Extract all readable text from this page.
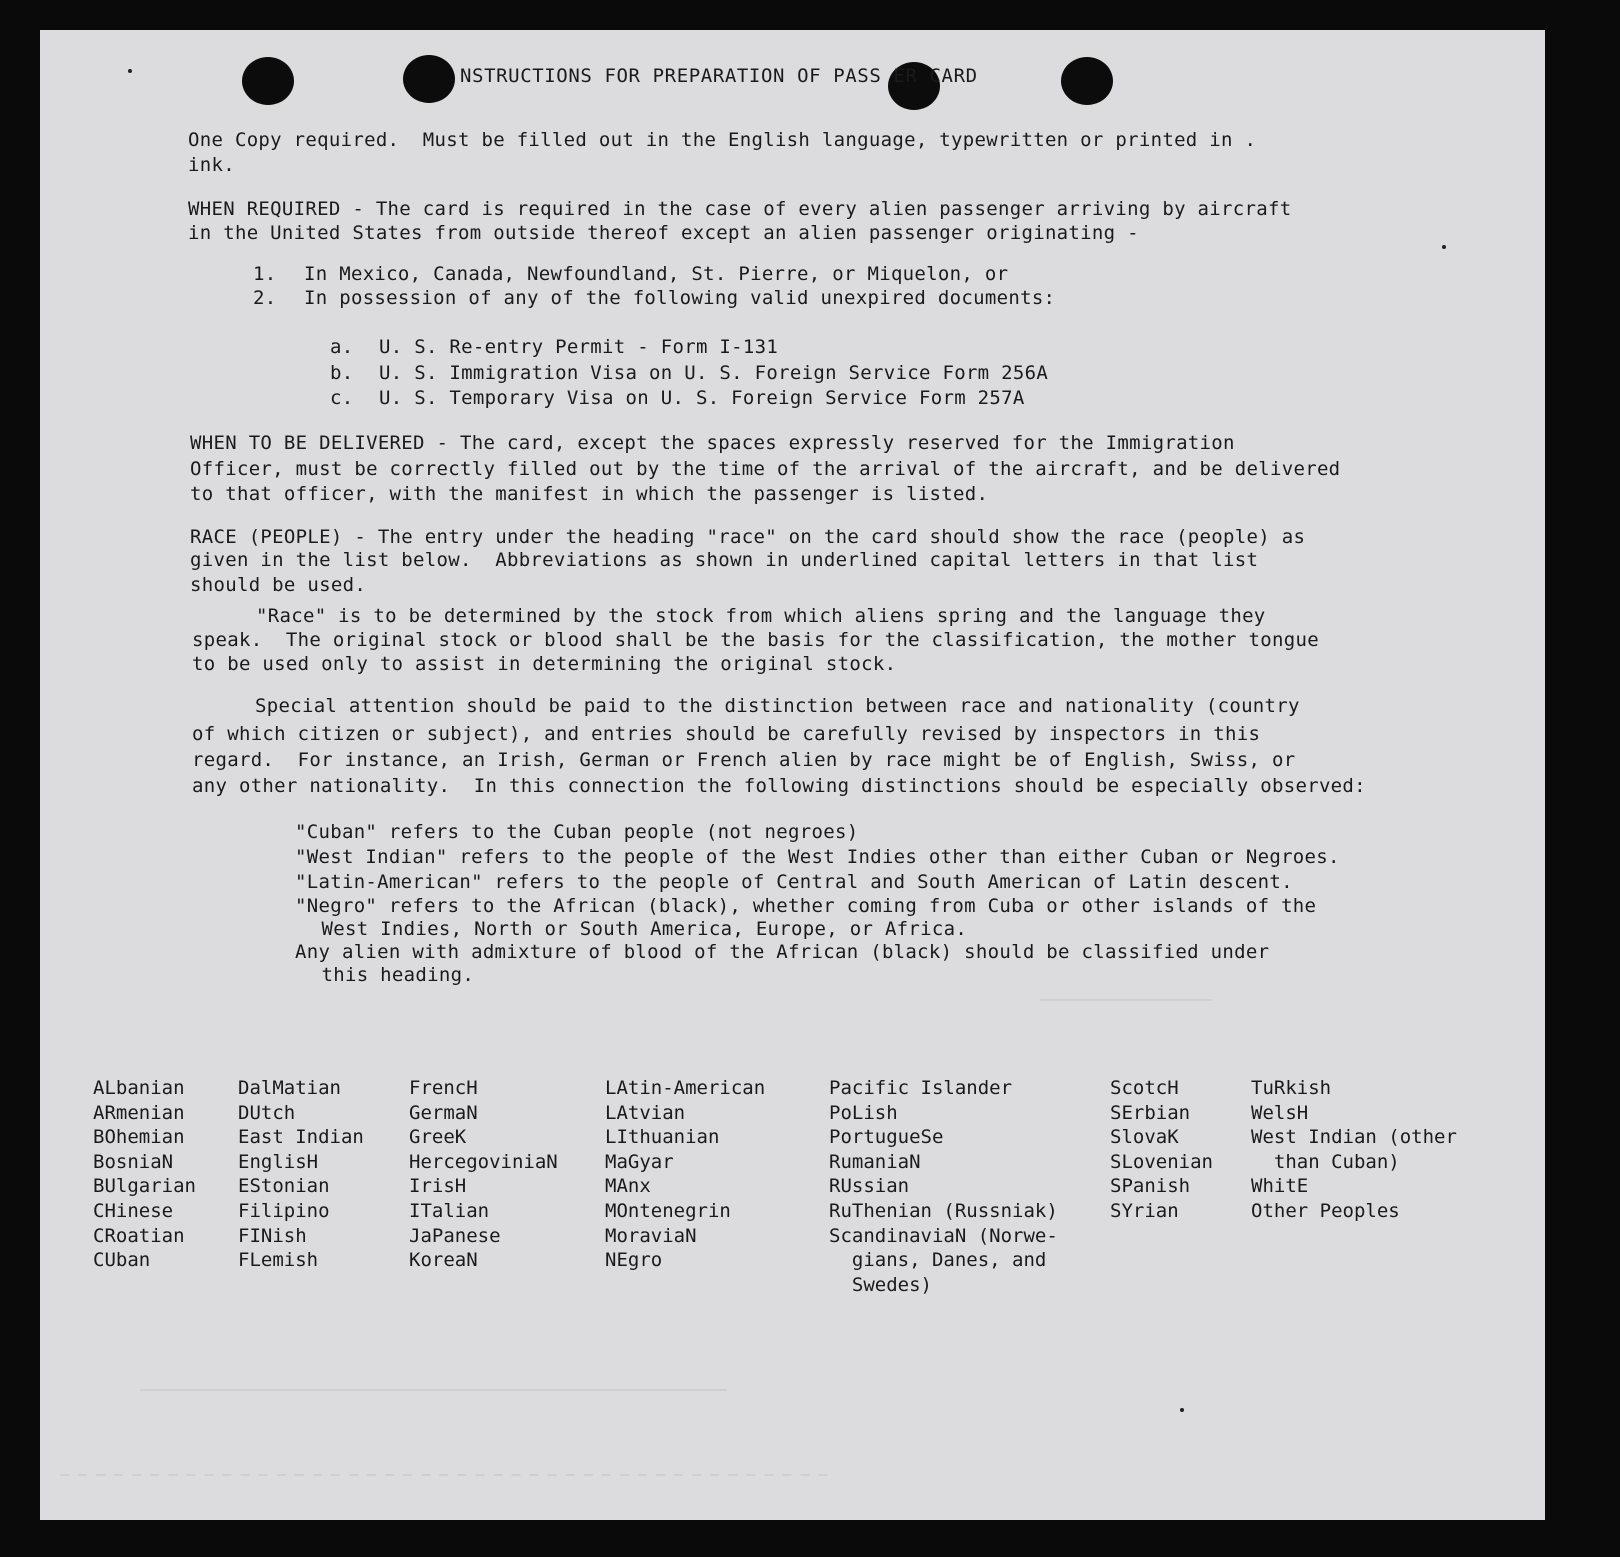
———————————————————
—————————————————————————————————————————————————————————————————
— — — — — — — — — — — — — — — — — — — — — — — — — — — — — — — — — — — — — — — — — — —
NSTRUCTIONS FOR PREPARATION OF PASS ER CARD
One Copy required.  Must be filled out in the English language, typewritten or printed in .
ink.
WHEN REQUIRED - The card is required in the case of every alien passenger arriving by aircraft
in the United States from outside thereof except an alien passenger originating -
1. In Mexico, Canada, Newfoundland, St. Pierre, or Miquelon, or
2. In possession of any of the following valid unexpired documents:
a. U. S. Re-entry Permit - Form I-131
b. U. S. Immigration Visa on U. S. Foreign Service Form 256A
c. U. S. Temporary Visa on U. S. Foreign Service Form 257A
WHEN TO BE DELIVERED - The card, except the spaces expressly reserved for the Immigration
Officer, must be correctly filled out by the time of the arrival of the aircraft, and be delivered
to that officer, with the manifest in which the passenger is listed.
RACE (PEOPLE) - The entry under the heading "race" on the card should show the race (people) as
given in the list below.  Abbreviations as shown in underlined capital letters in that list
should be used.
"Race" is to be determined by the stock from which aliens spring and the language they
speak.  The original stock or blood shall be the basis for the classification, the mother tongue
to be used only to assist in determining the original stock.
Special attention should be paid to the distinction between race and nationality (country
of which citizen or subject), and entries should be carefully revised by inspectors in this
regard.  For instance, an Irish, German or French alien by race might be of English, Swiss, or
any other nationality.  In this connection the following distinctions should be especially observed:
"Cuban" refers to the Cuban people (not negroes)
"West Indian" refers to the people of the West Indies other than either Cuban or Negroes.
"Latin-American" refers to the people of Central and South American of Latin descent.
"Negro" refers to the African (black), whether coming from Cuba or other islands of the
West Indies, North or South America, Europe, or Africa.
Any alien with admixture of blood of the African (black) should be classified under
this heading.
ALbanian
ARmenian
BOhemian
BosniaN
BUlgarian
CHinese
CRoatian
CUban
DalMatian
DUtch
East Indian
EnglisH
EStonian
Filipino
FINish
FLemish
FrencH
GermaN
GreeK
HercegoviniaN
IrisH
ITalian
JaPanese
KoreaN
LAtin-American
LAtvian
LIthuanian
MaGyar
MAnx
MOntenegrin
MoraviaN
NEgro
Pacific Islander
PoLish
PortugueSe
RumaniaN
RUssian
RuThenian (Russniak)
ScandinaviaN (Norwe-
gians, Danes, and
Swedes)
ScotcH
SErbian
SlovaK
SLovenian
SPanish
SYrian
TuRkish
WelsH
West Indian (other
than Cuban)
WhitE
Other Peoples
